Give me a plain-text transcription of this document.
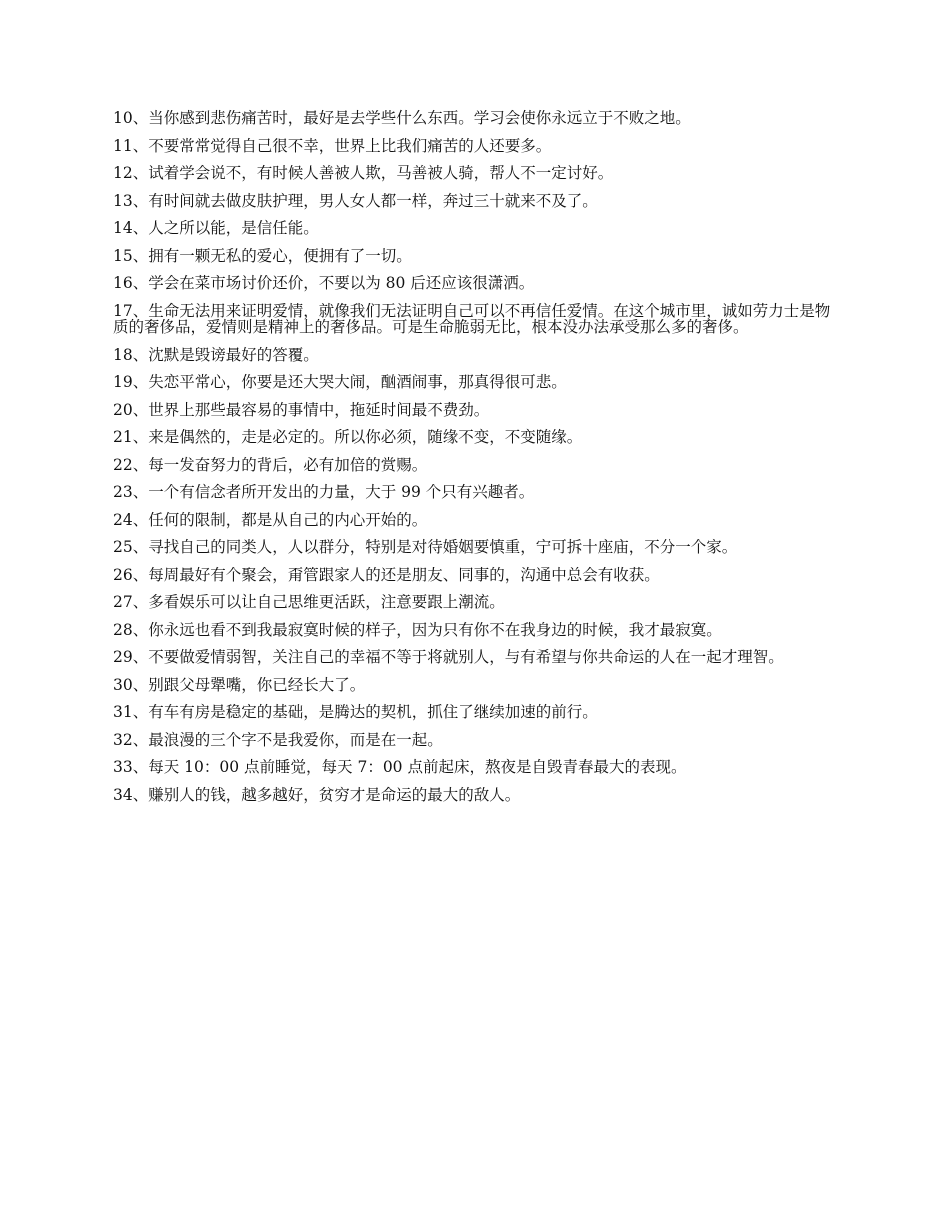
10、当你感到悲伤痛苦时，最好是去学些什么东西。学习会使你永远立于不败之地。

11、不要常常觉得自己很不幸，世界上比我们痛苦的人还要多。

12、试着学会说不，有时候人善被人欺，马善被人骑，帮人不一定讨好。

13、有时间就去做皮肤护理，男人女人都一样，奔过三十就来不及了。

14、人之所以能，是信任能。

15、拥有一颗无私的爱心，便拥有了一切。

16、学会在菜市场讨价还价，不要以为 80 后还应该很潇洒。

17、生命无法用来证明爱情，就像我们无法证明自己可以不再信任爱情。在这个城市里，诚如劳力士是物质的奢侈品，爱情则是精神上的奢侈品。可是生命脆弱无比，根本没办法承受那么多的奢侈。

18、沈默是毁谤最好的答覆。

19、失恋平常心，你要是还大哭大闹，酗酒闹事，那真得很可悲。

20、世界上那些最容易的事情中，拖延时间最不费劲。

21、来是偶然的，走是必定的。所以你必须，随缘不变，不变随缘。

22、每一发奋努力的背后，必有加倍的赏赐。

23、一个有信念者所开发出的力量，大于 99 个只有兴趣者。

24、任何的限制，都是从自己的内心开始的。

25、寻找自己的同类人，人以群分，特别是对待婚姻要慎重，宁可拆十座庙，不分一个家。

26、每周最好有个聚会，甭管跟家人的还是朋友、同事的，沟通中总会有收获。

27、多看娱乐可以让自己思维更活跃，注意要跟上潮流。

28、你永远也看不到我最寂寞时候的样子，因为只有你不在我身边的时候，我才最寂寞。

29、不要做爱情弱智，关注自己的幸福不等于将就别人，与有希望与你共命运的人在一起才理智。

30、别跟父母犟嘴，你已经长大了。

31、有车有房是稳定的基础，是腾达的契机，抓住了继续加速的前行。

32、最浪漫的三个字不是我爱你，而是在一起。

33、每天 10：00 点前睡觉，每天 7：00 点前起床，熬夜是自毁青春最大的表现。

34、赚别人的钱，越多越好，贫穷才是命运的最大的敌人。
